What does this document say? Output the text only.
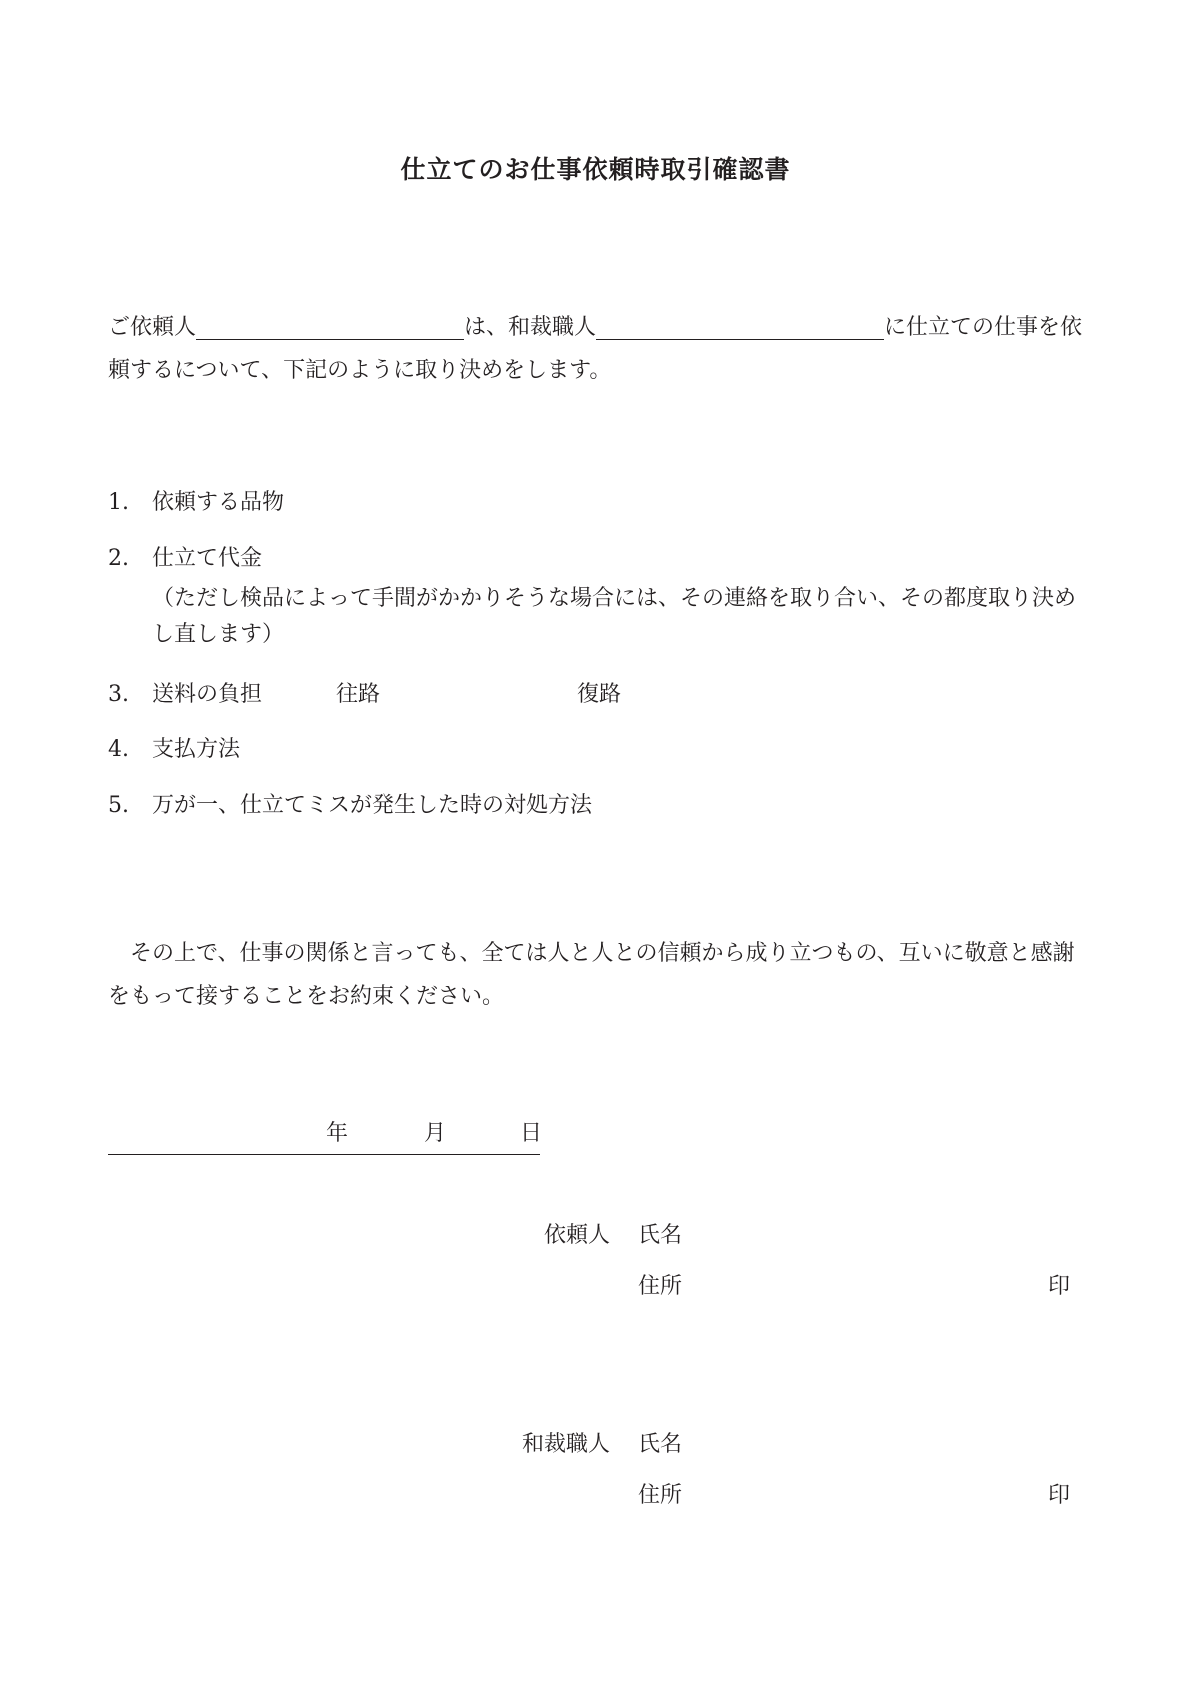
仕立てのお仕事依頼時取引確認書
ご依頼人	は、和裁職人	に仕立ての仕事を依
頼するについて、下記のように取り決めをします。
1. 依頼する品物
2. 仕立て代金
（ただし検品によって手間がかかりそうな場合には、その連絡を取り合い、その都度取り決めし直します）
3. 送料の負担	往路	復路
4. 支払方法
5. 万が一、仕立てミスが発生した時の対処方法
その上で、仕事の関係と言っても、全ては人と人との信頼から成り立つもの、互いに敬意と感謝をもって接することをお約束ください。
年	月	日
依頼人 氏名
住所	印
和裁職人 氏名
住所	印
